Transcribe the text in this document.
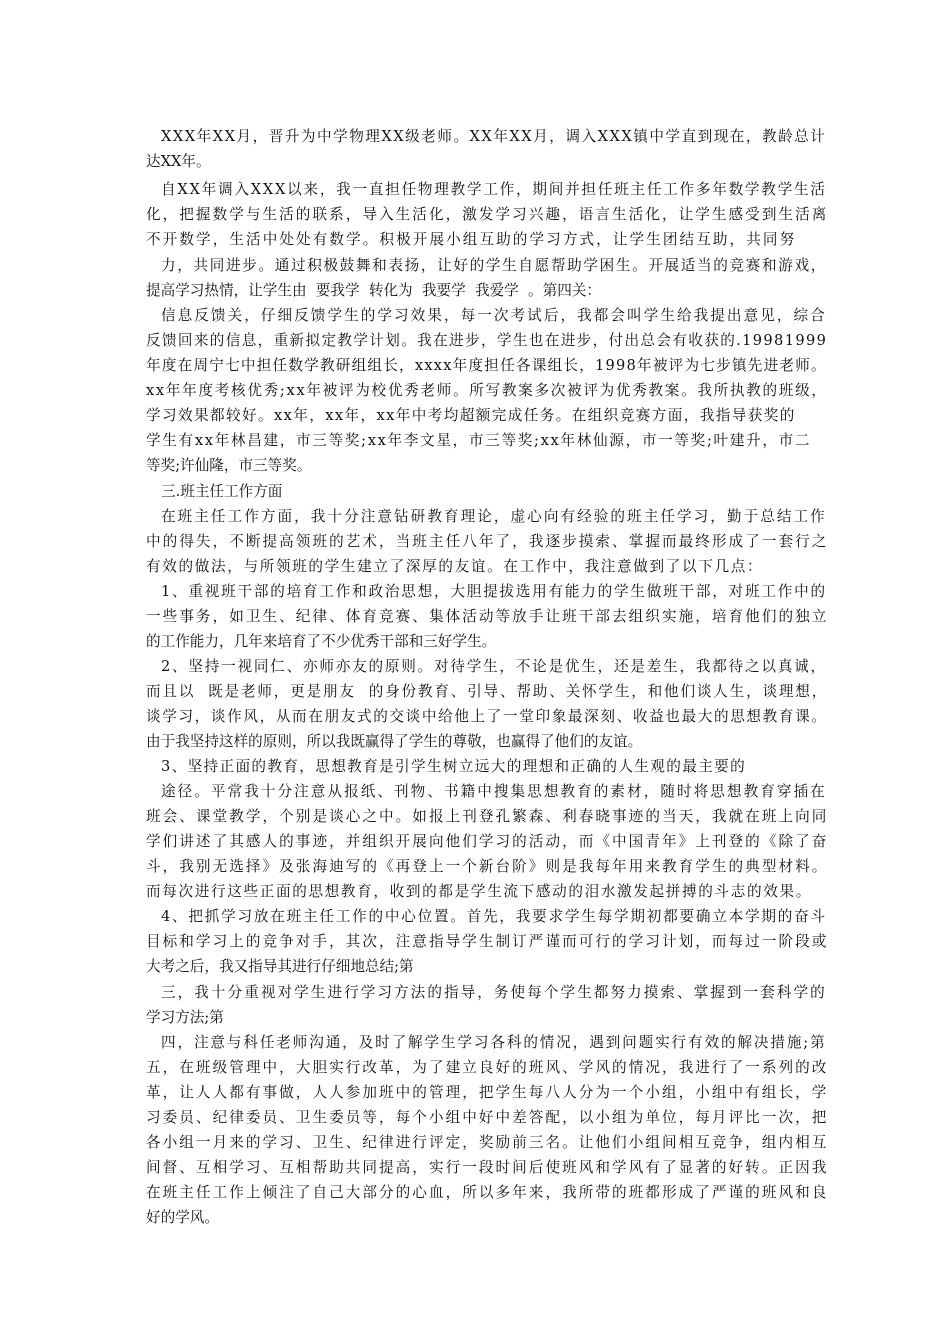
XXX年XX月，晋升为中学物理XX级老师。XX年XX月，调入XXX镇中学直到现在，教龄总计
达XX年。
自XX年调入XXX以来，我一直担任物理教学工作，期间并担任班主任工作多年数学教学生活
化，把握数学与生活的联系，导入生活化，激发学习兴趣，语言生活化，让学生感受到生活离
不开数学，生活中处处有数学。积极开展小组互助的学习方式，让学生团结互助，共同努
力，共同进步。通过积极鼓舞和表扬，让好的学生自愿帮助学困生。开展适当的竞赛和游戏，
提高学习热情，让学生由  要我学  转化为  我要学  我爱学  。第四关：
信息反馈关，仔细反馈学生的学习效果，每一次考试后，我都会叫学生给我提出意见，综合
反馈回来的信息，重新拟定教学计划。我在进步，学生也在进步，付出总会有收获的.19981999
年度在周宁七中担任数学教研组组长，xxxx年度担任各课组长，1998年被评为七步镇先进老师。
xx年年度考核优秀;xx年被评为校优秀老师。所写教案多次被评为优秀教案。我所执教的班级，
学习效果都较好。xx年，xx年，xx年中考均超额完成任务。在组织竞赛方面，我指导获奖的
学生有xx年林昌建，市三等奖;xx年李文星，市三等奖;xx年林仙源，市一等奖;叶建升，市二
等奖;许仙隆，市三等奖。
三.班主任工作方面
在班主任工作方面，我十分注意钻研教育理论，虚心向有经验的班主任学习，勤于总结工作
中的得失，不断提高领班的艺术，当班主任八年了，我逐步摸索、掌握而最终形成了一套行之
有效的做法，与所领班的学生建立了深厚的友谊。在工作中，我注意做到了以下几点：
1、重视班干部的培育工作和政治思想，大胆提拔选用有能力的学生做班干部，对班工作中的
一些事务，如卫生、纪律、体育竞赛、集体活动等放手让班干部去组织实施，培育他们的独立
的工作能力，几年来培育了不少优秀干部和三好学生。
2、坚持一视同仁、亦师亦友的原则。对待学生，不论是优生，还是差生，我都待之以真诚，
而且以  既是老师，更是朋友  的身份教育、引导、帮助、关怀学生，和他们谈人生，谈理想，
谈学习，谈作风，从而在朋友式的交谈中给他上了一堂印象最深刻、收益也最大的思想教育课。
由于我坚持这样的原则，所以我既赢得了学生的尊敬，也赢得了他们的友谊。
3、坚持正面的教育，思想教育是引学生树立远大的理想和正确的人生观的最主要的
途径。平常我十分注意从报纸、刊物、书籍中搜集思想教育的素材，随时将思想教育穿插在
班会、课堂教学，个别是谈心之中。如报上刊登孔繁森、利春晓事迹的当天，我就在班上向同
学们讲述了其感人的事迹，并组织开展向他们学习的活动，而《中国青年》上刊登的《除了奋
斗，我别无选择》及张海迪写的《再登上一个新台阶》则是我每年用来教育学生的典型材料。
而每次进行这些正面的思想教育，收到的都是学生流下感动的泪水激发起拼搏的斗志的效果。
4、把抓学习放在班主任工作的中心位置。首先，我要求学生每学期初都要确立本学期的奋斗
目标和学习上的竞争对手，其次，注意指导学生制订严谨而可行的学习计划，而每过一阶段或
大考之后，我又指导其进行仔细地总结;第
三，我十分重视对学生进行学习方法的指导，务使每个学生都努力摸索、掌握到一套科学的
学习方法;第
四，注意与科任老师沟通，及时了解学生学习各科的情况，遇到问题实行有效的解决措施;第
五，在班级管理中，大胆实行改革，为了建立良好的班风、学风的情况，我进行了一系列的改
革，让人人都有事做，人人参加班中的管理，把学生每八人分为一个小组，小组中有组长，学
习委员、纪律委员、卫生委员等，每个小组中好中差答配，以小组为单位，每月评比一次，把
各小组一月来的学习、卫生、纪律进行评定，奖励前三名。让他们小组间相互竞争，组内相互
间督、互相学习、互相帮助共同提高，实行一段时间后使班风和学风有了显著的好转。正因我
在班主任工作上倾注了自己大部分的心血，所以多年来，我所带的班都形成了严谨的班风和良
好的学风。
